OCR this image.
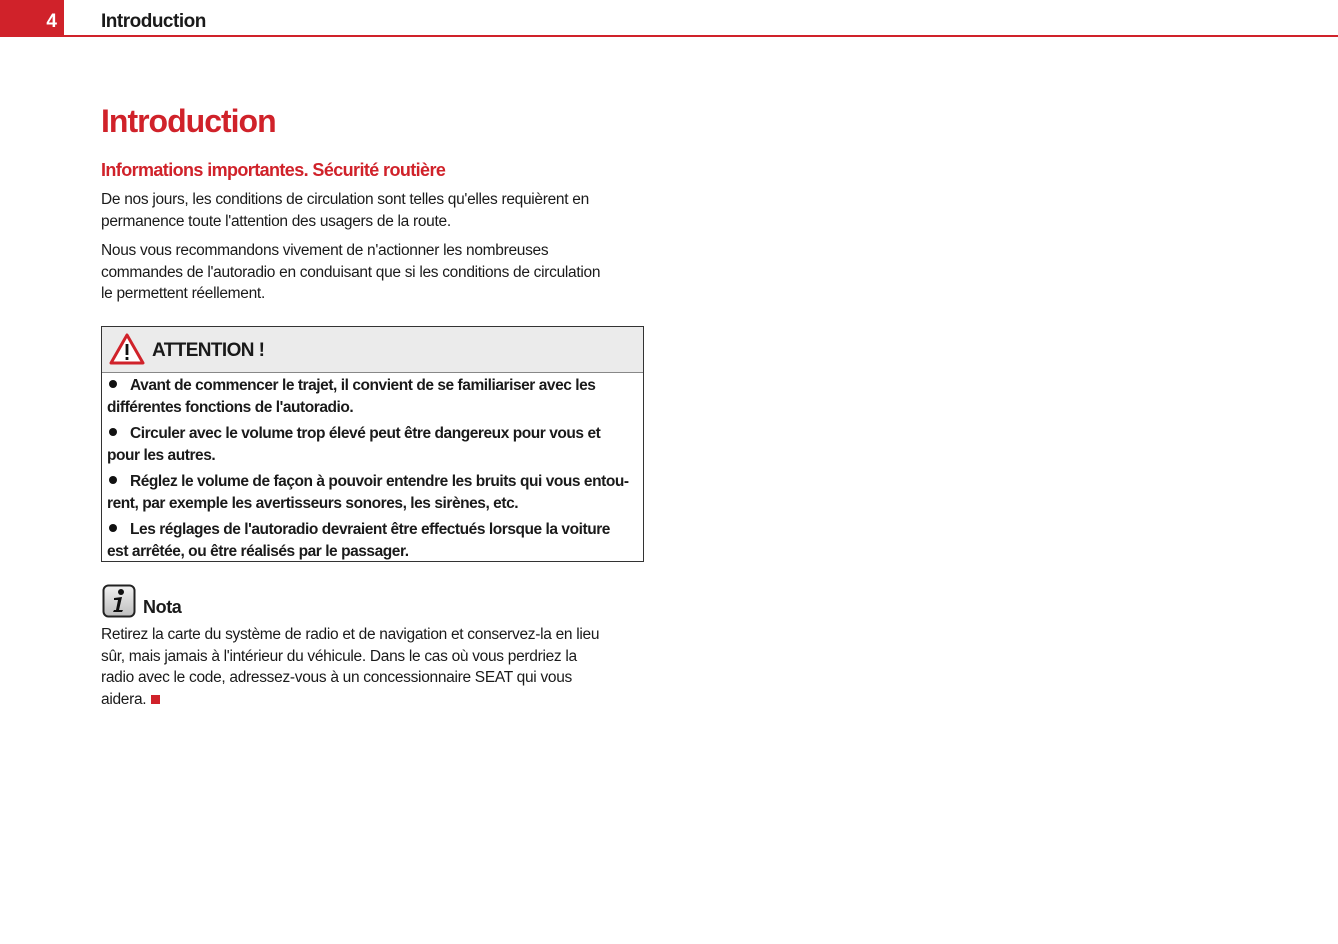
4	Introduction
Introduction
Informations importantes. Sécurité routière
De nos jours, les conditions de circulation sont telles qu'elles requièrent en
permanence toute l'attention des usagers de la route.
Nous vous recommandons vivement de n'actionner les nombreuses
commandes de l'autoradio en conduisant que si les conditions de circulation
le permettent réellement.
ATTENTION !
Avant de commencer le trajet, il convient de se familiariser avec les
différentes fonctions de l'autoradio.
Circuler avec le volume trop élevé peut être dangereux pour vous et
pour les autres.
Réglez le volume de façon à pouvoir entendre les bruits qui vous entou-
rent, par exemple les avertisseurs sonores, les sirènes, etc.
Les réglages de l'autoradio devraient être effectués lorsque la voiture
est arrêtée, ou être réalisés par le passager.
Nota
Retirez la carte du système de radio et de navigation et conservez-la en lieu
sûr, mais jamais à l'intérieur du véhicule. Dans le cas où vous perdriez la
radio avec le code, adressez-vous à un concessionnaire SEAT qui vous
aidera.
